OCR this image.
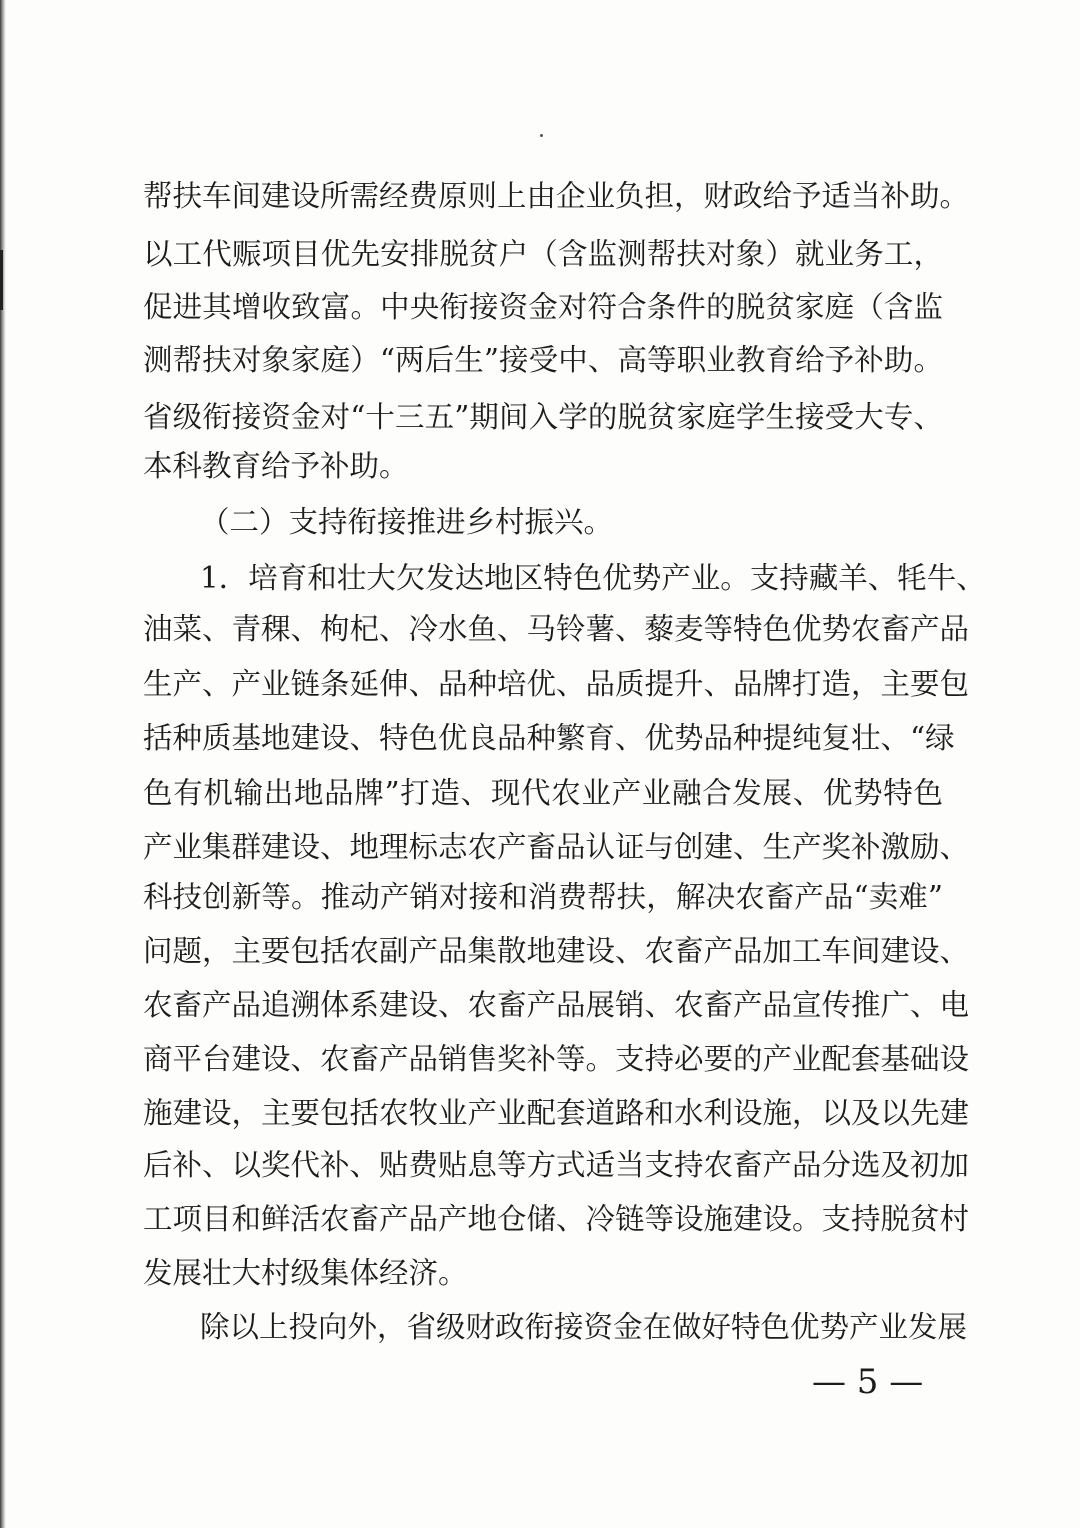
帮扶车间建设所需经费原则上由企业负担，财政给予适当补助。

以工代赈项目优先安排脱贫户（含监测帮扶对象）就业务工，

促进其增收致富。中央衔接资金对符合条件的脱贫家庭（含监

测帮扶对象家庭）“两后生”接受中、高等职业教育给予补助。

省级衔接资金对“十三五”期间入学的脱贫家庭学生接受大专、

本科教育给予补助。

（二）支持衔接推进乡村振兴。

1．培育和壮大欠发达地区特色优势产业。支持藏羊、牦牛、

油菜、青稞、枸杞、冷水鱼、马铃薯、藜麦等特色优势农畜产品

生产、产业链条延伸、品种培优、品质提升、品牌打造，主要包

括种质基地建设、特色优良品种繁育、优势品种提纯复壮、“绿

色有机输出地品牌”打造、现代农业产业融合发展、优势特色

产业集群建设、地理标志农产畜品认证与创建、生产奖补激励、

科技创新等。推动产销对接和消费帮扶，解决农畜产品“卖难”

问题，主要包括农副产品集散地建设、农畜产品加工车间建设、

农畜产品追溯体系建设、农畜产品展销、农畜产品宣传推广、电

商平台建设、农畜产品销售奖补等。支持必要的产业配套基础设

施建设，主要包括农牧业产业配套道路和水利设施，以及以先建

后补、以奖代补、贴费贴息等方式适当支持农畜产品分选及初加

工项目和鲜活农畜产品产地仓储、冷链等设施建设。支持脱贫村

发展壮大村级集体经济。

除以上投向外，省级财政衔接资金在做好特色优势产业发展

— 5 —
